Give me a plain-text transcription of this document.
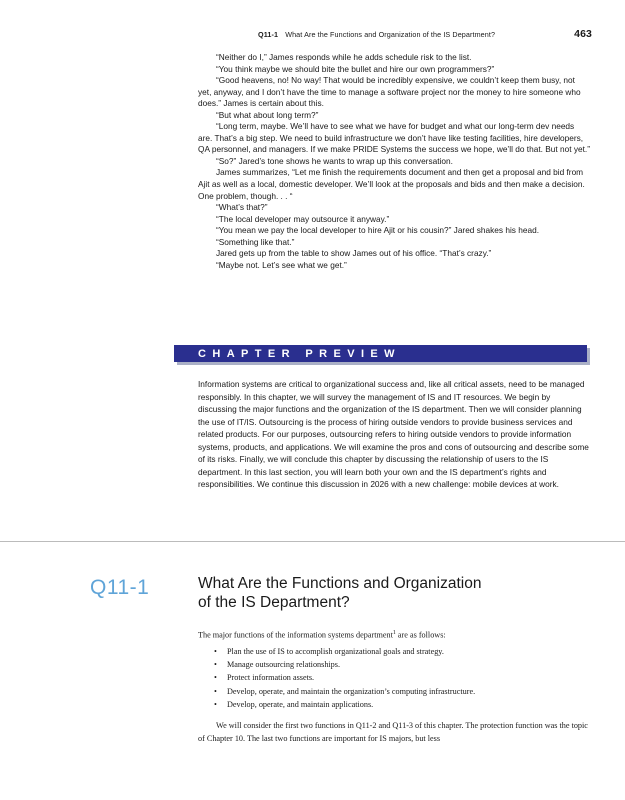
Q11-1 What Are the Functions and Organization of the IS Department?	463

“Neither do I,” James responds while he adds schedule risk to the list.

“You think maybe we should bite the bullet and hire our own programmers?”

“Good heavens, no! No way! That would be incredibly expensive, we couldn’t keep them busy, not yet, anyway, and I don’t have the time to manage a software project nor the money to hire someone who does.” James is certain about this.

“But what about long term?”

“Long term, maybe. We’ll have to see what we have for budget and what our long-term dev needs are. That’s a big step. We need to build infrastructure we don’t have like testing facilities, hire developers, QA personnel, and managers. If we make PRIDE Systems the success we hope, we’ll do that. But not yet.”

“So?” Jared’s tone shows he wants to wrap up this conversation.

James summarizes, “Let me finish the requirements document and then get a proposal and bid from Ajit as well as a local, domestic developer. We’ll look at the proposals and bids and then make a decision. One problem, though. . . “

“What’s that?”

“The local developer may outsource it anyway.”

“You mean we pay the local developer to hire Ajit or his cousin?” Jared shakes his head.

“Something like that.”

Jared gets up from the table to show James out of his office. “That’s crazy.”

“Maybe not. Let’s see what we get.”

CHAPTER PREVIEW

Information systems are critical to organizational success and, like all critical assets, need to be managed responsibly. In this chapter, we will survey the management of IS and IT resources. We begin by discussing the major functions and the organization of the IS department. Then we will consider planning the use of IT/IS. Outsourcing is the process of hiring outside vendors to provide business services and related products. For our purposes, outsourcing refers to hiring outside vendors to provide information systems, products, and applications. We will examine the pros and cons of outsourcing and describe some of its risks. Finally, we will conclude this chapter by discussing the relationship of users to the IS department. In this last section, you will learn both your own and the IS department’s rights and responsibilities. We continue this discussion in 2026 with a new challenge: mobile devices at work.

Q11-1	What Are the Functions and Organization
of the IS Department?

The major functions of the information systems department$^1$ are as follows:

• Plan the use of IS to accomplish organizational goals and strategy.
• Manage outsourcing relationships.
• Protect information assets.
• Develop, operate, and maintain the organization’s computing infrastructure.
• Develop, operate, and maintain applications.

We will consider the first two functions in Q11-2 and Q11-3 of this chapter. The protection function was the topic of Chapter 10. The last two functions are important for IS majors, but less
